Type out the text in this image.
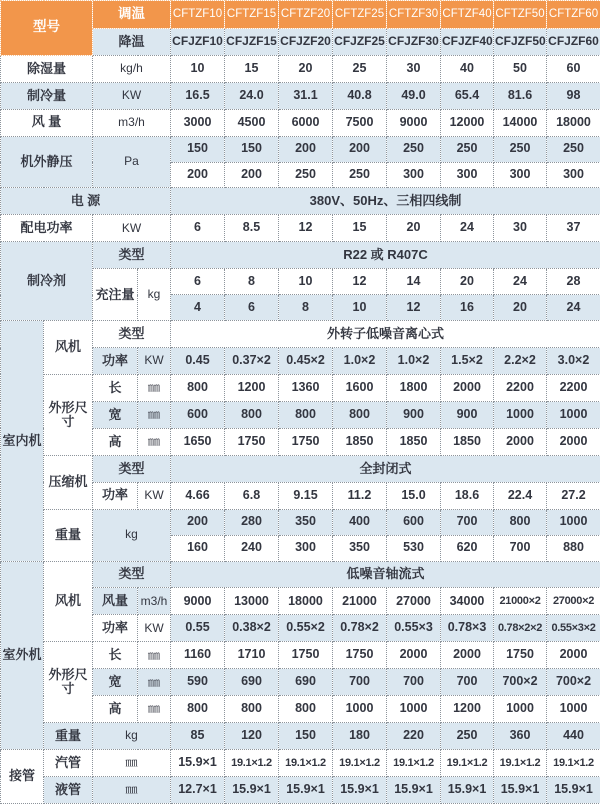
型号		调温		CFTZF10	CFTZF15	CFTZF20	CFTZF25	CFTZF30	CFTZF40	CFTZF50	CFTZF60
		降温		CFJZF10	CFJZF15	CFJZF20	CFJZF25	CFJZF30	CFJZF40	CFJZF50	CFJZF60
除湿量		kg/h		10	15	20	25	30	40	50	60
制冷量		KW		16.5	24.0	31.1	40.8	49.0	65.4	81.6	98
风 量		m3/h		3000	4500	6000	7500	9000	12000	14000	18000
机外静压		Pa		150	150	200	200	250	250	250	250
				200	200	250	250	300	300	300	300
电 源				380V、50Hz、三相四线制							
配电功率		KW		6	8.5	12	15	20	24	30	37
制冷剂		类型		R22 或 R407C							
		充注量	kg	6	8	10	12	14	20	24	28
				4	6	8	10	12	16	20	24
室内机	风机	类型		外转子低噪音离心式							
		功率	KW	0.45	0.37×2	0.45×2	1.0×2	1.0×2	1.5×2	2.2×2	3.0×2
	外形尺寸	长	㎜	800	1200	1360	1600	1800	2000	2200	2200
		宽	㎜	600	800	800	800	900	900	1000	1000
		高	㎜	1650	1750	1750	1850	1850	1850	2000	2000
	压缩机	类型		全封闭式							
		功率	KW	4.66	6.8	9.15	11.2	15.0	18.6	22.4	27.2
	重量	kg		200	280	350	400	600	700	800	1000
				160	240	300	350	530	620	700	880
室外机	风机	类型		低噪音轴流式							
		风量	m3/h	9000	13000	18000	21000	27000	34000	21000×2	27000×2
		功率	KW	0.55	0.38×2	0.55×2	0.78×2	0.55×3	0.78×3	0.78×2×2	0.55×3×2
	外形尺寸	长	㎜	1160	1710	1750	1750	2000	2000	1750	2000
		宽	㎜	590	690	690	700	700	700	700×2	700×2
		高	㎜	800	800	800	1000	1000	1200	1000	1000
	重量	kg		85	120	150	180	220	250	360	440
接管	汽管	㎜		15.9×1	19.1×1.2	19.1×1.2	19.1×1.2	19.1×1.2	19.1×1.2	19.1×1.2	19.1×1.2
	液管	㎜		12.7×1	15.9×1	15.9×1	15.9×1	15.9×1	15.9×1	15.9×1	15.9×1
